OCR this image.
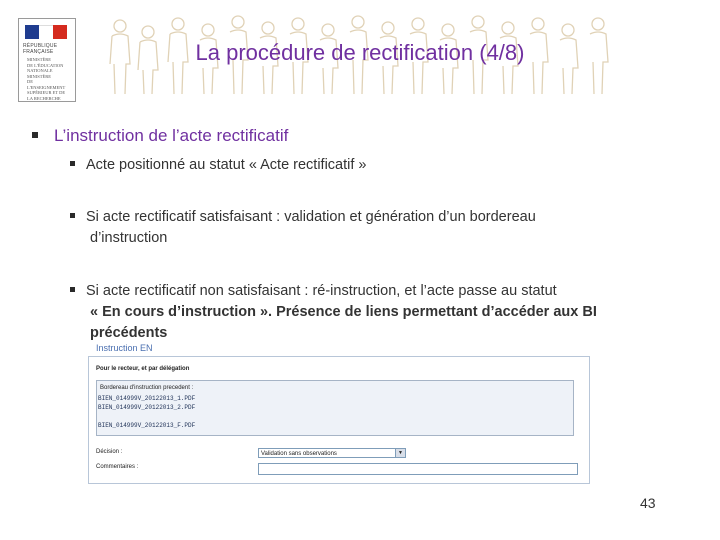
RÉPUBLIQUE FRANÇAISE
MINISTÈRE
DE L'ÉDUCATION
NATIONALE
MINISTÈRE
DE L'ENSEIGNEMENT
SUPÉRIEUR ET DE
LA RECHERCHE
La procédure de rectification (4/8)
L’instruction de l’acte rectificatif
Acte positionné au statut « Acte rectificatif »
Si acte rectificatif satisfaisant : validation et génération d’un bordereau
d’instruction
Si acte rectificatif non satisfaisant : ré-instruction, et l’acte passe au statut
« En cours d’instruction ». Présence de liens permettant d’accéder aux BI
précédents
Instruction EN
Pour le recteur, et par délégation
Bordereau d'instruction precedent :
BIEN_014999V_20122013_1.PDF
BIEN_014999V_20122013_2.PDF
BIEN_014999V_20122013_F.PDF
Décision :	Validation sans observations	▼
Commentaires :
43
